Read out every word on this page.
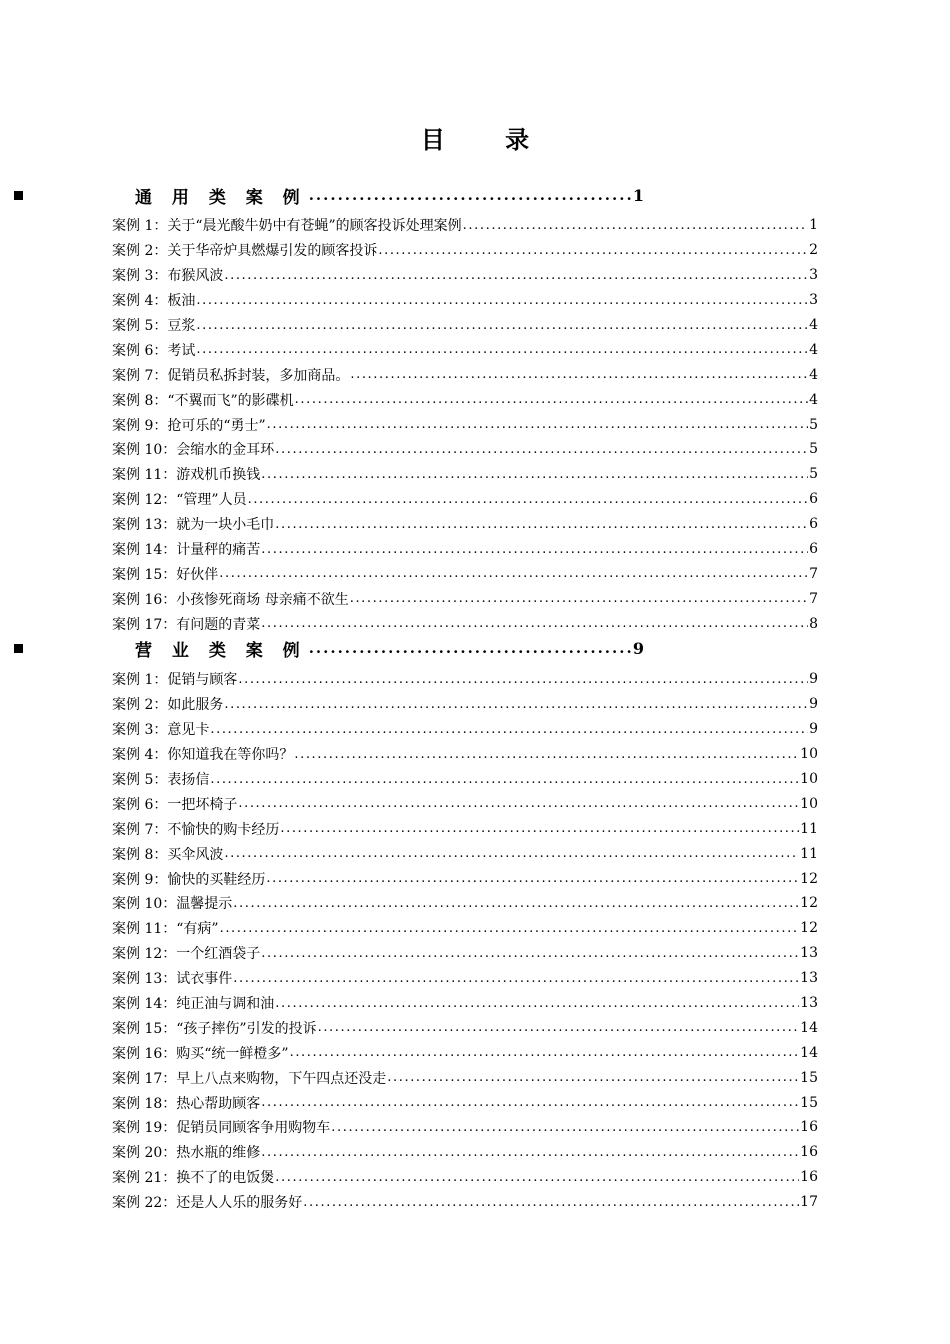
目 录
通 用 类 案 例 .....	1
案例 1：关于“晨光酸牛奶中有苍蝇”的顾客投诉处理案例 .....	1
案例 2：关于华帝炉具燃爆引发的顾客投诉 .....	2
案例 3：布猴风波 .....	3
案例 4：板油 .....	3
案例 5：豆浆 .....	4
案例 6：考试 .....	4
案例 7：促销员私拆封装，多加商品。 .....	4
案例 8：“不翼而飞”的影碟机 .....	4
案例 9：抢可乐的“勇士” .....	5
案例 10：会缩水的金耳环 .....	5
案例 11：游戏机币换钱 .....	5
案例 12：“管理”人员 .....	6
案例 13：就为一块小毛巾 .....	6
案例 14：计量秤的痛苦 .....	6
案例 15：好伙伴 .....	7
案例 16：小孩惨死商场 母亲痛不欲生 .....	7
案例 17：有问题的青菜 .....	8
营 业 类 案 例 .....	9
案例 1：促销与顾客 .....	9
案例 2：如此服务 .....	9
案例 3：意见卡 .....	9
案例 4：你知道我在等你吗？ .....	10
案例 5：表扬信 .....	10
案例 6：一把坏椅子 .....	10
案例 7：不愉快的购卡经历 .....	11
案例 8：买伞风波 .....	11
案例 9：愉快的买鞋经历 .....	12
案例 10：温馨提示 .....	12
案例 11：“有病” .....	12
案例 12：一个红酒袋子 .....	13
案例 13：试衣事件 .....	13
案例 14：纯正油与调和油 .....	13
案例 15：“孩子摔伤”引发的投诉 .....	14
案例 16：购买“统一鲜橙多” .....	14
案例 17：早上八点来购物，下午四点还没走 .....	15
案例 18：热心帮助顾客 .....	15
案例 19：促销员同顾客争用购物车 .....	16
案例 20：热水瓶的维修 .....	16
案例 21：换不了的电饭煲 .....	16
案例 22：还是人人乐的服务好 .....	17
